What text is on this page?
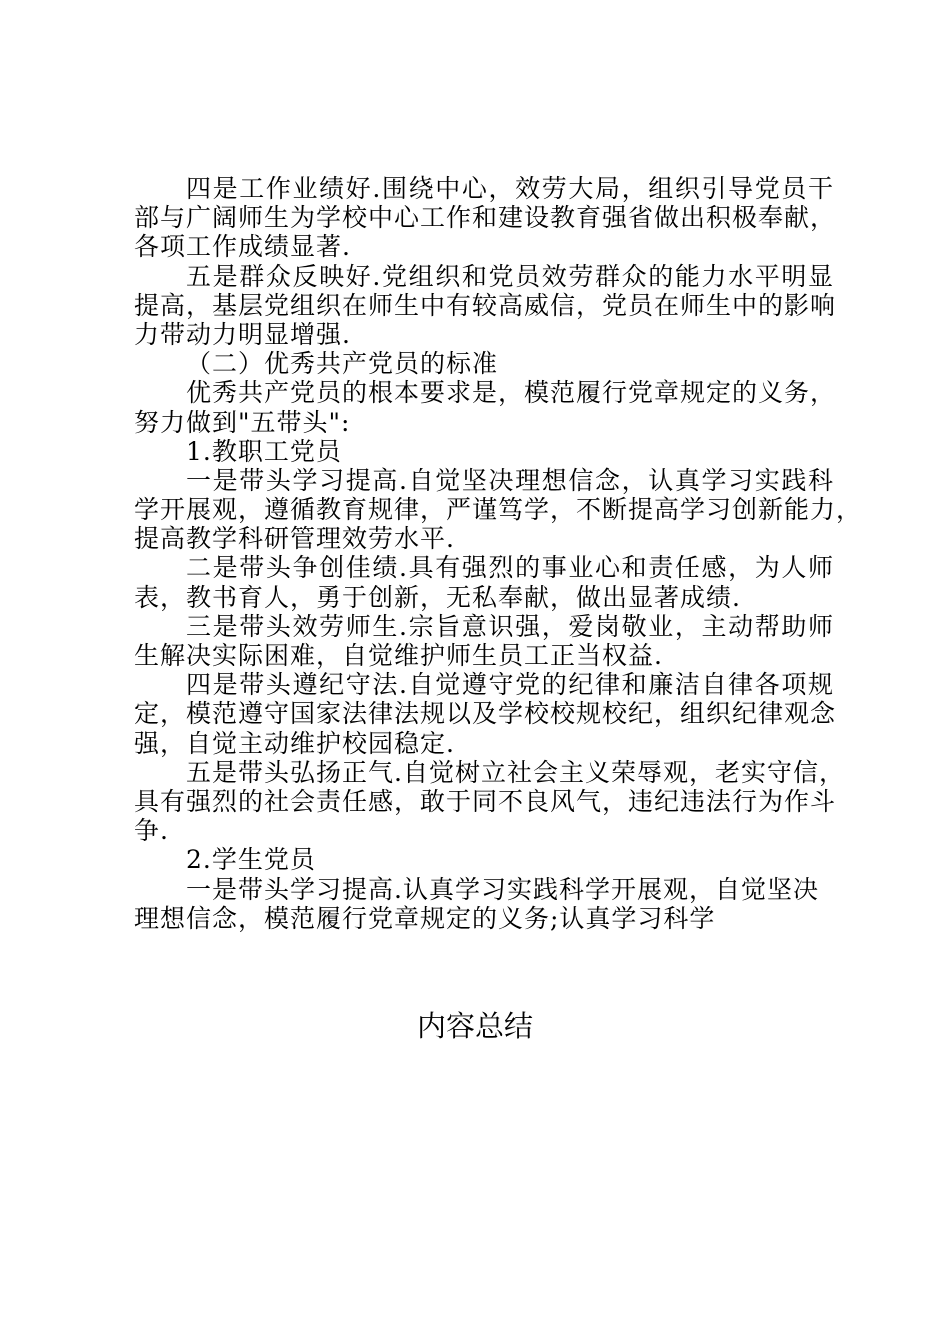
四是工作业绩好.围绕中心，效劳大局，组织引导党员干
部与广阔师生为学校中心工作和建设教育强省做出积极奉献，
各项工作成绩显著.
五是群众反映好.党组织和党员效劳群众的能力水平明显
提高，基层党组织在师生中有较高威信，党员在师生中的影响
力带动力明显增强.
（二）优秀共产党员的标准
优秀共产党员的根本要求是，模范履行党章规定的义务，
努力做到"五带头":
1.教职工党员
一是带头学习提高.自觉坚决理想信念，认真学习实践科
学开展观，遵循教育规律，严谨笃学，不断提高学习创新能力，
提高教学科研管理效劳水平.
二是带头争创佳绩.具有强烈的事业心和责任感，为人师
表，教书育人，勇于创新，无私奉献，做出显著成绩.
三是带头效劳师生.宗旨意识强，爱岗敬业，主动帮助师
生解决实际困难，自觉维护师生员工正当权益.
四是带头遵纪守法.自觉遵守党的纪律和廉洁自律各项规
定，模范遵守国家法律法规以及学校校规校纪，组织纪律观念
强，自觉主动维护校园稳定.
五是带头弘扬正气.自觉树立社会主义荣辱观，老实守信，
具有强烈的社会责任感，敢于同不良风气，违纪违法行为作斗
争.
2.学生党员
一是带头学习提高.认真学习实践科学开展观，自觉坚决
理想信念，模范履行党章规定的义务;认真学习科学
内容总结
